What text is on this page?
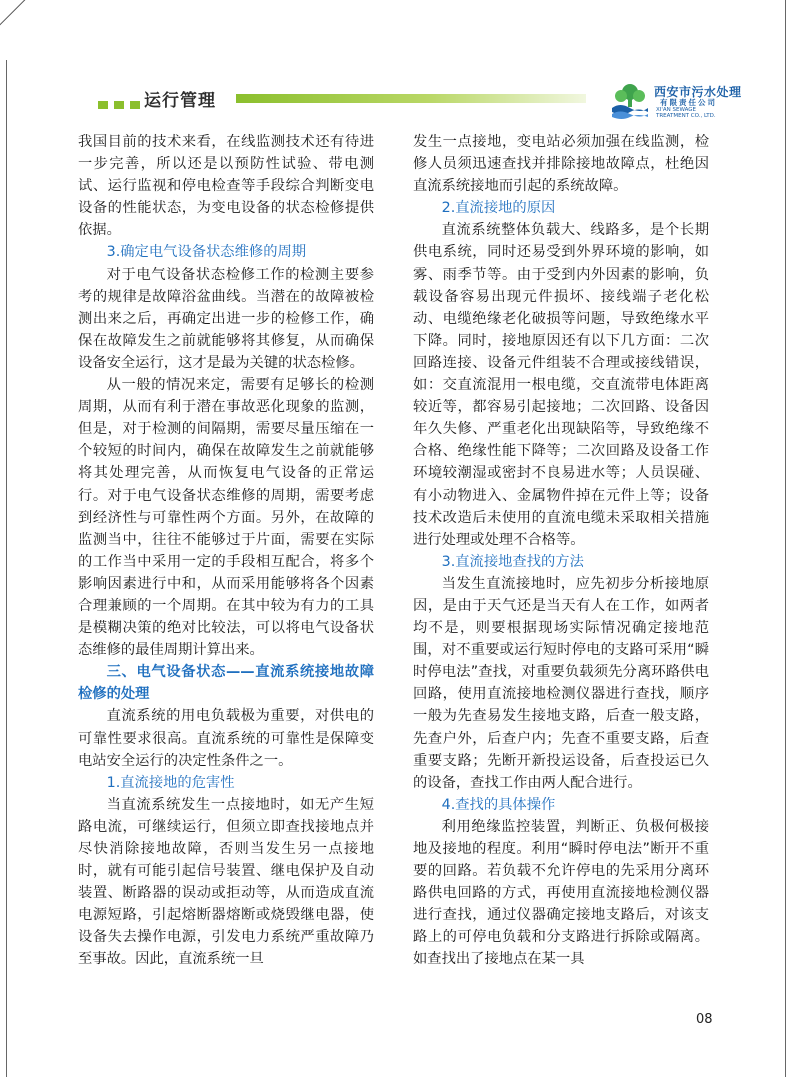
运行管理	西安市污水处理
有限责任公司
XI'AN SEWAGE
TREATMENT CO., LTD.

我国目前的技术来看，在线监测技术还有待进一步完善，所以还是以预防性试验、带电测试、运行监视和停电检查等手段综合判断变电设备的性能状态，为变电设备的状态检修提供依据。

3.确定电气设备状态维修的周期

对于电气设备状态检修工作的检测主要参考的规律是故障浴盆曲线。当潜在的故障被检测出来之后，再确定出进一步的检修工作，确保在故障发生之前就能够将其修复，从而确保设备安全运行，这才是最为关键的状态检修。

从一般的情况来定，需要有足够长的检测周期，从而有利于潜在事故恶化现象的监测，但是，对于检测的间隔期，需要尽量压缩在一个较短的时间内，确保在故障发生之前就能够将其处理完善，从而恢复电气设备的正常运行。对于电气设备状态维修的周期，需要考虑到经济性与可靠性两个方面。另外，在故障的监测当中，往往不能够过于片面，需要在实际的工作当中采用一定的手段相互配合，将多个影响因素进行中和，从而采用能够将各个因素合理兼顾的一个周期。在其中较为有力的工具是模糊决策的绝对比较法，可以将电气设备状态维修的最佳周期计算出来。

三、电气设备状态——直流系统接地故障检修的处理

直流系统的用电负载极为重要，对供电的可靠性要求很高。直流系统的可靠性是保障变电站安全运行的决定性条件之一。

1.直流接地的危害性

当直流系统发生一点接地时，如无产生短路电流，可继续运行，但须立即查找接地点并尽快消除接地故障，否则当发生另一点接地时，就有可能引起信号装置、继电保护及自动装置、断路器的误动或拒动等，从而造成直流电源短路，引起熔断器熔断或烧毁继电器，使设备失去操作电源，引发电力系统严重故障乃至事故。因此，直流系统一旦

发生一点接地，变电站必须加强在线监测，检修人员须迅速查找并排除接地故障点，杜绝因直流系统接地而引起的系统故障。

2.直流接地的原因

直流系统整体负载大、线路多，是个长期供电系统，同时还易受到外界环境的影响，如雾、雨季节等。由于受到内外因素的影响，负载设备容易出现元件损坏、接线端子老化松动、电缆绝缘老化破损等问题，导致绝缘水平下降。同时，接地原因还有以下几方面：二次回路连接、设备元件组装不合理或接线错误，如：交直流混用一根电缆，交直流带电体距离较近等，都容易引起接地；二次回路、设备因年久失修、严重老化出现缺陷等，导致绝缘不合格、绝缘性能下降等；二次回路及设备工作环境较潮湿或密封不良易进水等；人员误碰、有小动物进入、金属物件掉在元件上等；设备技术改造后未使用的直流电缆未采取相关措施进行处理或处理不合格等。

3.直流接地查找的方法

当发生直流接地时，应先初步分析接地原因，是由于天气还是当天有人在工作，如两者均不是，则要根据现场实际情况确定接地范围，对不重要或运行短时停电的支路可采用“瞬时停电法”查找，对重要负载须先分离环路供电回路，使用直流接地检测仪器进行查找，顺序一般为先查易发生接地支路，后查一般支路，先查户外，后查户内；先查不重要支路，后查重要支路；先断开新投运设备，后查投运已久的设备，查找工作由两人配合进行。

4.查找的具体操作

利用绝缘监控装置，判断正、负极何极接地及接地的程度。利用“瞬时停电法”断开不重要的回路。若负载不允许停电的先采用分离环路供电回路的方式，再使用直流接地检测仪器进行查找，通过仪器确定接地支路后，对该支路上的可停电负载和分支路进行拆除或隔离。如查找出了接地点在某一具

08
